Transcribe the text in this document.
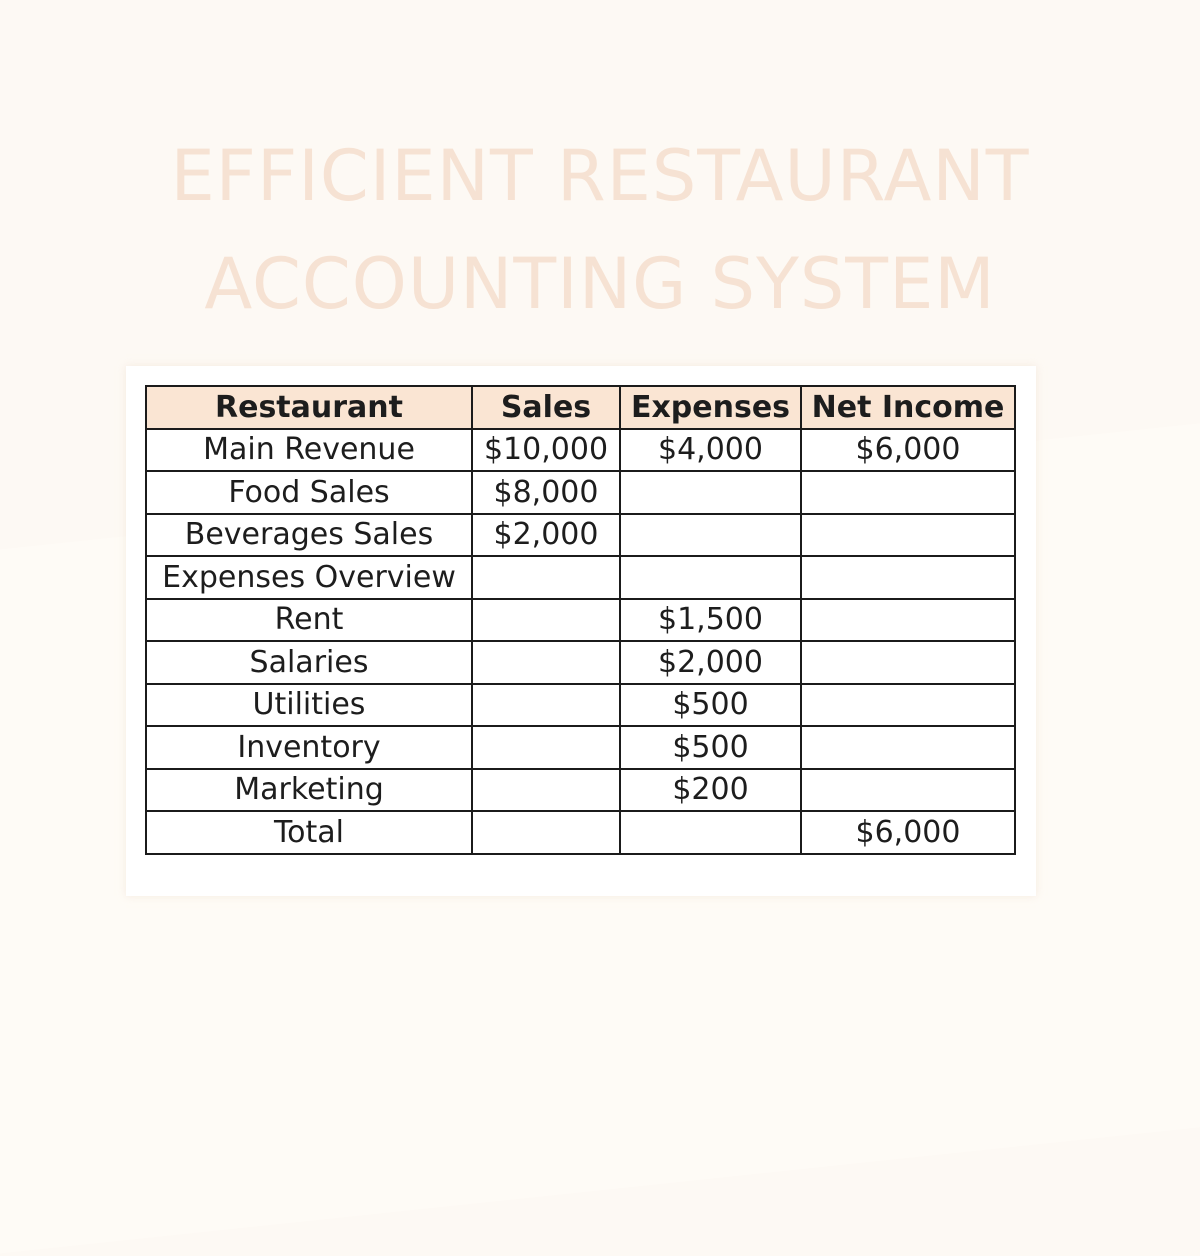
EFFICIENT RESTAURANT
ACCOUNTING SYSTEM
Restaurant	Sales	Expenses	Net Income
Main Revenue	$10,000	$4,000	$6,000
Food Sales	$8,000		
Beverages Sales	$2,000		
Expenses Overview			
Rent		$1,500	
Salaries		$2,000	
Utilities		$500	
Inventory		$500	
Marketing		$200	
Total			$6,000
